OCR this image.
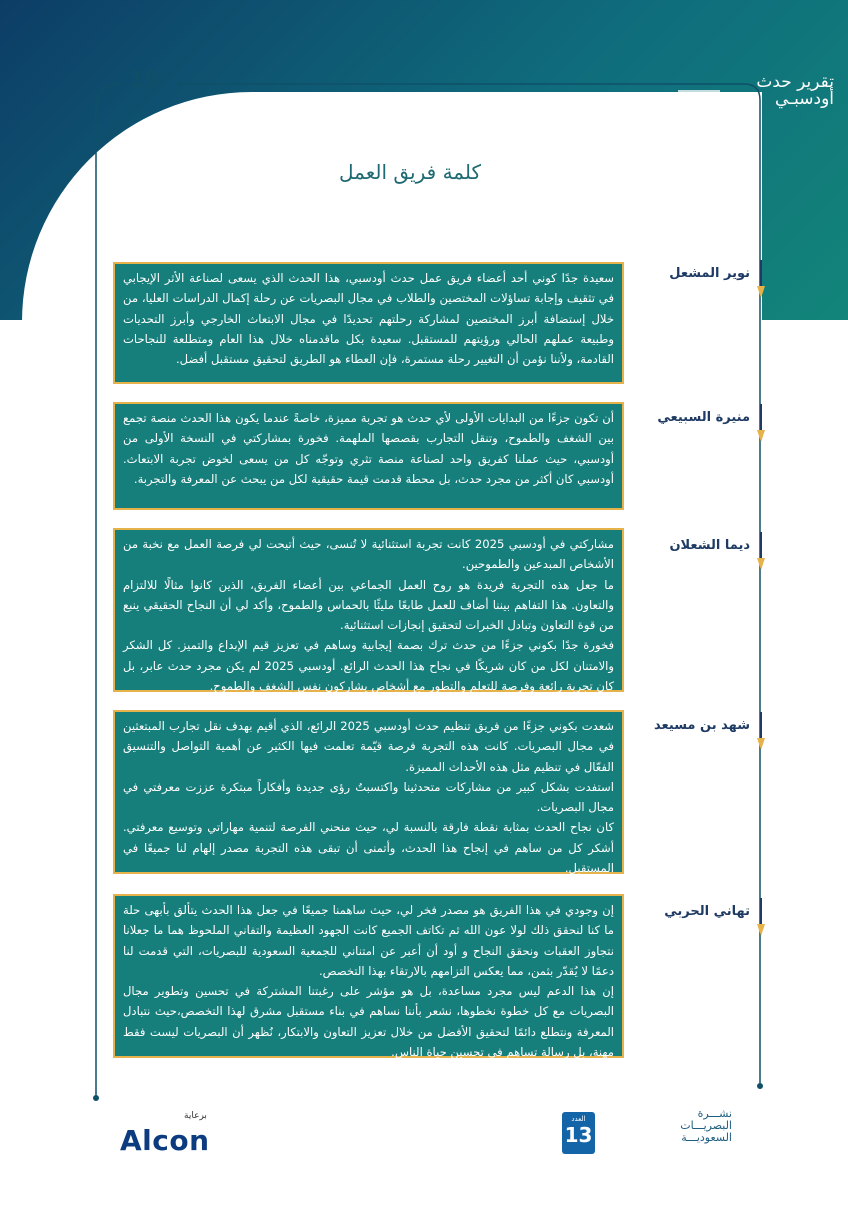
19	تقرير حدث
أودسبـي
كلمة فريق العمل
نوير المشعل
سعيدة جدًا كوني أحد أعضاء فريق عمل حدث أودسبي، هذا الحدث الذي يسعى لصناعة الأثر الإيجابي في تثقيف وإجابة تساؤلات المختصين والطلاب في مجال البصريات عن رحلة إكمال الدراسات العليا، من خلال إستضافة أبرز المختصين لمشاركة رحلتهم تحديدًا في مجال الابتعاث الخارجي وأبرز التحديات وطبيعة عملهم الحالي ورؤيتهم للمستقبل. سعيدة بكل ماقدمناه خلال هذا العام ومتطلعة للنجاحات القادمة، ولأننا نؤمن أن التغيير رحلة مستمرة، فإن العطاء هو الطريق لتحقيق مستقبل أفضل.
منيرة السبيعي
أن تكون جزءًا من البدايات الأولى لأي حدث هو تجربة مميزة، خاصةً عندما يكون هذا الحدث منصة تجمع بين الشغف والطموح، وتنقل التجارب بقصصها الملهمة. فخورة بمشاركتي في النسخة الأولى من أودسبي، حيث عملنا كفريق واحد لصناعة منصة تثري وتوجّه كل من يسعى لخوض تجربة الابتعاث. أودسبي كان أكثر من مجرد حدث، بل محطة قدمت قيمة حقيقية لكل من يبحث عن المعرفة والتجربة.
ديما الشعلان
مشاركتي في أودسبي 2025 كانت تجربة استثنائية لا تُنسى، حيث أتيحت لي فرصة العمل مع نخبة من الأشخاص المبدعين والطموحين.
ما جعل هذه التجربة فريدة هو روح العمل الجماعي بين أعضاء الفريق، الذين كانوا مثالًا للالتزام والتعاون. هذا التفاهم بيننا أضاف للعمل طابعًا مليئًا بالحماس والطموح، وأكد لي أن النجاح الحقيقي ينبع من قوة التعاون وتبادل الخبرات لتحقيق إنجازات استثنائية.
فخورة جدًا بكوني جزءًا من حدث ترك بصمة إيجابية وساهم في تعزيز قيم الإبداع والتميز. كل الشكر والامتنان لكل من كان شريكًا في نجاح هذا الحدث الرائع. أودسبي 2025 لم يكن مجرد حدث عابر، بل كان تجربة رائعة وفرصة للتعلم والتطور مع أشخاص يشاركون نفس الشغف والطموح.
شهد بن مسيعد
شعدت بكوني جزءًا من فريق تنظيم حدث أودسبي 2025 الرائع، الذي أقيم بهدف نقل تجارب المبتعثين في مجال البصريات. كانت هذه التجربة فرصة قيّمة تعلمت فيها الكثير عن أهمية التواصل والتنسيق الفعّال في تنظيم مثل هذه الأحداث المميزة.
استفدت بشكل كبير من مشاركات متحدثينا واكتسبتُ رؤى جديدة وأفكاراً مبتكرة عززت معرفتي في مجال البصريات.
كان نجاح الحدث بمثابة نقطة فارقة بالنسبة لي، حيث منحني الفرصة لتنمية مهاراتي وتوسيع معرفتي. أشكر كل من ساهم في إنجاح هذا الحدث، وأتمنى أن تبقى هذه التجربة مصدر إلهام لنا جميعًا في المستقبل.
تهاني الحربي
إن وجودي في هذا الفريق هو مصدر فخر لي، حيث ساهمنا جميعًا في جعل هذا الحدث يتألق بأبهى حلة ما كنا لنحقق ذلك لولا عون الله ثم تكاتف الجميع كانت الجهود العظيمة والتفاني الملحوظ هما ما جعلانا نتجاوز العقبات ونحقق النجاح و أود أن أعبر عن امتناني للجمعية السعودية للبصريات، التي قدمت لنا دعمًا لا يُقدّر بثمن، مما يعكس التزامهم بالارتقاء بهذا التخصص.
إن هذا الدعم ليس مجرد مساعدة، بل هو مؤشر على رغبتنا المشتركة في تحسين وتطوير مجال البصريات مع كل خطوة نخطوها، نشعر بأننا نساهم في بناء مستقبل مشرق لهذا التخصص،حيث نتبادل المعرفة ونتطلع دائمًا لتحقيق الأفضل من خلال تعزيز التعاون والابتكار، نُظهر أن البصريات ليست فقط مهنة، بل رسالة تساهم في تحسين حياة الناس.
برعاية
Alcon
العدد
13
نشـــرة
البصريـــات
السعوديـــة
